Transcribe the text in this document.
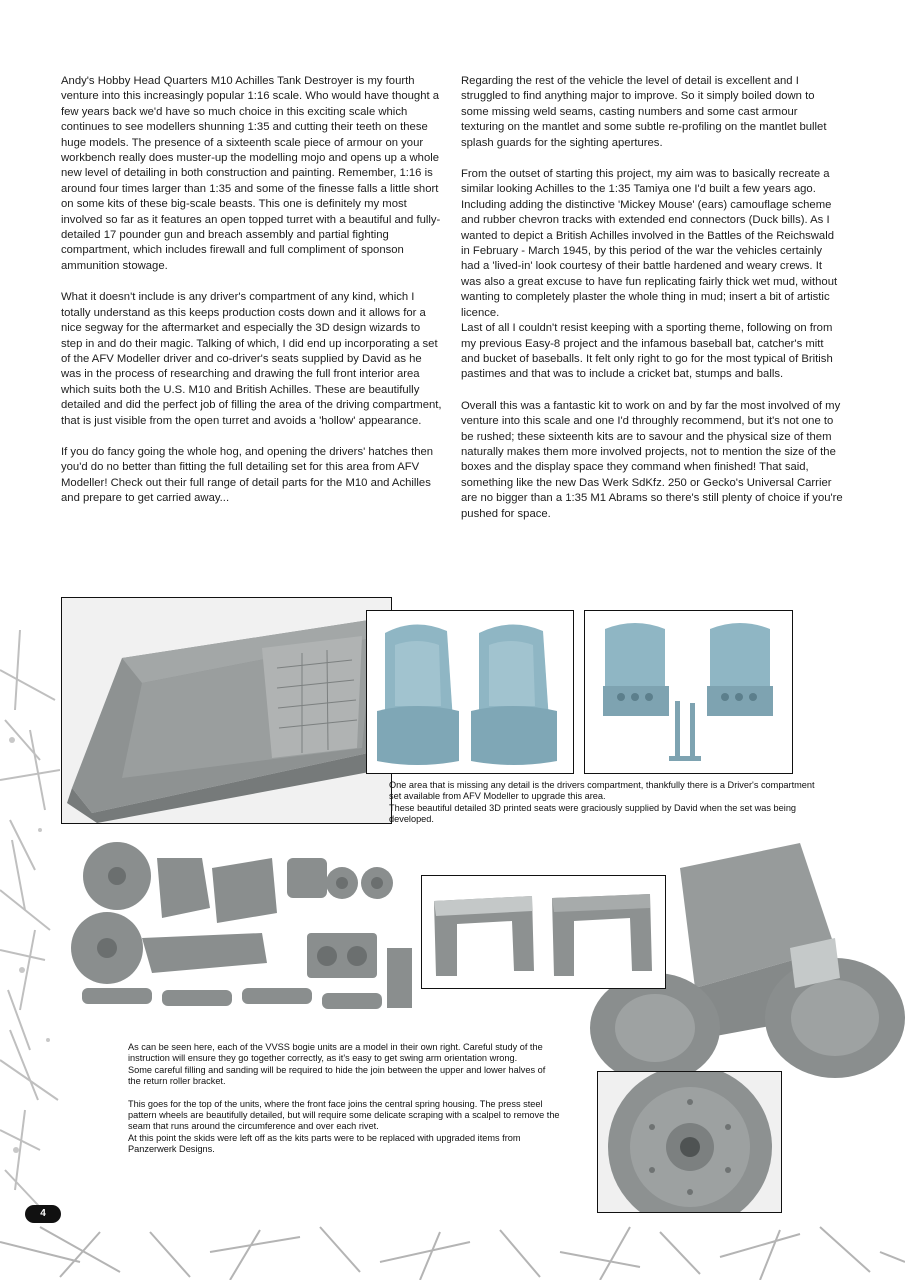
Andy's Hobby Head Quarters M10 Achilles Tank Destroyer is my fourth venture into this increasingly popular 1:16 scale. Who would have thought a few years back we'd have so much choice in this exciting scale which continues to see modellers shunning 1:35 and cutting their teeth on these huge models. The presence of a sixteenth scale piece of armour on your workbench really does muster-up the modelling mojo and opens up a whole new level of detailing in both construction and painting. Remember, 1:16 is around four times larger than 1:35 and some of the finesse falls a little short on some kits of these big-scale beasts. This one is definitely my most involved so far as it features an open topped turret with a beautiful and fully-detailed 17 pounder gun and breach assembly and partial fighting compartment, which includes firewall and full compliment of sponson ammunition stowage.

What it doesn't include is any driver's compartment of any kind, which I totally understand as this keeps production costs down and it allows for a nice segway for the aftermarket and especially the 3D design wizards to step in and do their magic. Talking of which, I did end up incorporating a set of the AFV Modeller driver and co-driver's seats supplied by David as he was in the process of researching and drawing the full front interior area which suits both the U.S. M10 and British Achilles. These are beautifully detailed and did the perfect job of filling the area of the driving compartment, that is just visible from the open turret and avoids a 'hollow' appearance.

If you do fancy going the whole hog, and opening the drivers' hatches then you'd do no better than fitting the full detailing set for this area from AFV Modeller! Check out their full range of detail parts for the M10 and Achilles and prepare to get carried away...

Regarding the rest of the vehicle the level of detail is excellent and I struggled to find anything major to improve. So it simply boiled down to some missing weld seams, casting numbers and some cast armour texturing on the mantlet and some subtle re-profiling on the mantlet bullet splash guards for the sighting apertures.

From the outset of starting this project, my aim was to basically recreate a similar looking Achilles to the 1:35 Tamiya one I'd built a few years ago. Including adding the distinctive 'Mickey Mouse' (ears) camouflage scheme and rubber chevron tracks with extended end connectors (Duck bills). As I wanted to depict a British Achilles involved in the Battles of the Reichswald in February - March 1945, by this period of the war the vehicles certainly had a 'lived-in' look courtesy of their battle hardened and weary crews. It was also a great excuse to have fun replicating fairly thick wet mud, without wanting to completely plaster the whole thing in mud; insert a bit of artistic licence.

Last of all I couldn't resist keeping with a sporting theme, following on from my previous Easy-8 project and the infamous baseball bat, catcher's mitt and bucket of baseballs. It felt only right to go for the most typical of British pastimes and that was to include a cricket bat, stumps and balls.

Overall this was a fantastic kit to work on and by far the most involved of my venture into this scale and one I'd throughly recommend, but it's not one to be rushed; these sixteenth kits are to savour and the physical size of them naturally makes them more involved projects, not to mention the size of the boxes and the display space they command when finished! That said, something like the new Das Werk SdKfz. 250 or Gecko's Universal Carrier are no bigger than a 1:35 M1 Abrams so there's still plenty of choice if you're pushed for space.

One area that is missing any detail is the drivers compartment, thankfully there is a Driver's compartment set available from AFV Modeller to upgrade this area.

These beautiful detailed 3D printed seats were graciously supplied by David when the set was being developed.

As can be seen here, each of the VVSS bogie units are a model in their own right. Careful study of the instruction will ensure they go together correctly, as it's easy to get swing arm orientation wrong.

Some careful filling and sanding will be required to hide the join between the upper and lower halves of the return roller bracket.

This goes for the top of the units, where the front face joins the central spring housing. The press steel pattern wheels are beautifully detailed, but will require some delicate scraping with a scalpel to remove the seam that runs around the circumference and over each rivet.

At this point the skids were left off as the kits parts were to be replaced with upgraded items from Panzerwerk Designs.

4
